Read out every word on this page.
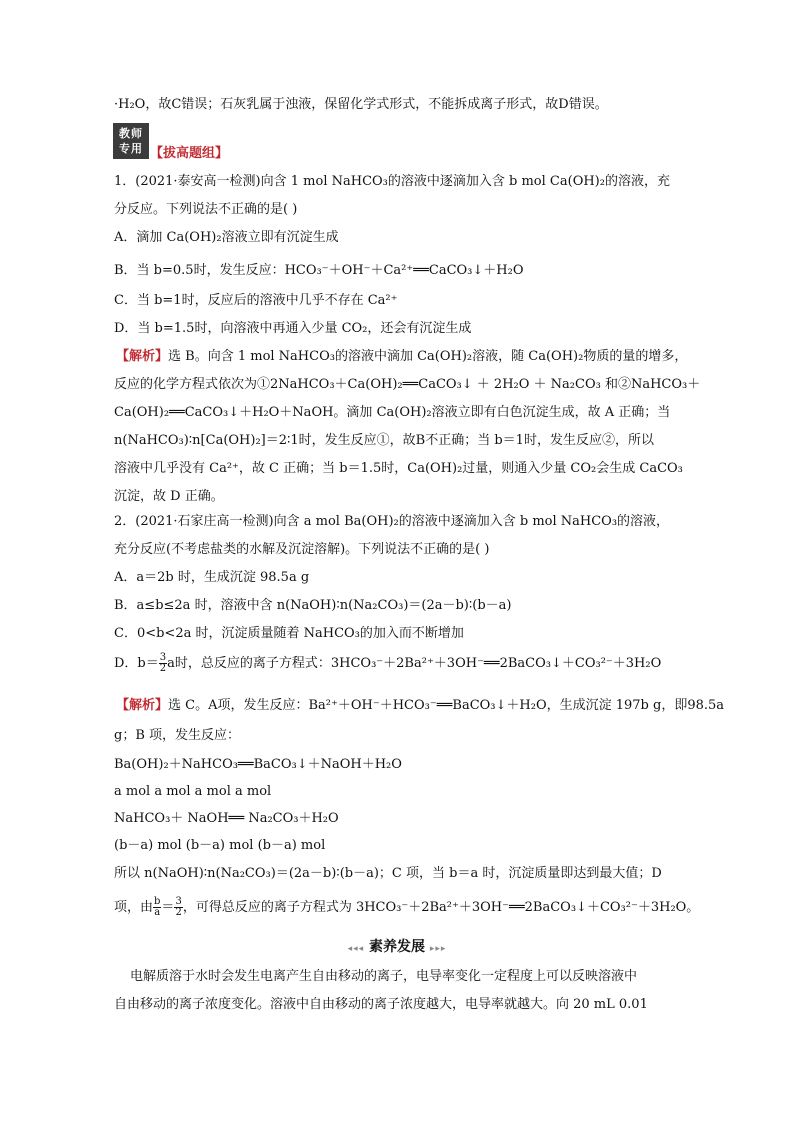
·H₂O，故C错误；石灰乳属于浊液，保留化学式形式，不能拆成离子形式，故D错误。
教师
专用 【拔高题组】
1．(2021·泰安高一检测)向含 1 mol NaHCO₃的溶液中逐滴加入含 b mol Ca(OH)₂的溶液，充
分反应。下列说法不正确的是( )
A．滴加 Ca(OH)₂溶液立即有沉淀生成
B．当 b=0.5时，发生反应：HCO₃⁻＋OH⁻＋Ca²⁺══CaCO₃↓＋H₂O
C．当 b=1时，反应后的溶液中几乎不存在 Ca²⁺
D．当 b=1.5时，向溶液中再通入少量 CO₂，还会有沉淀生成
【解析】选 B。向含 1 mol NaHCO₃的溶液中滴加 Ca(OH)₂溶液，随 Ca(OH)₂物质的量的增多，
反应的化学方程式依次为①2NaHCO₃＋Ca(OH)₂══CaCO₃↓ ＋ 2H₂O ＋ Na₂CO₃ 和②NaHCO₃＋
Ca(OH)₂══CaCO₃↓＋H₂O＋NaOH。滴加 Ca(OH)₂溶液立即有白色沉淀生成，故 A 正确；当
n(NaHCO₃)∶n[Ca(OH)₂]＝2∶1时，发生反应①，故B不正确；当 b＝1时，发生反应②，所以
溶液中几乎没有 Ca²⁺，故 C 正确；当 b＝1.5时，Ca(OH)₂过量，则通入少量 CO₂会生成 CaCO₃
沉淀，故 D 正确。
2．(2021·石家庄高一检测)向含 a mol Ba(OH)₂的溶液中逐滴加入含 b mol NaHCO₃的溶液，
充分反应(不考虑盐类的水解及沉淀溶解)。下列说法不正确的是( )
A．a＝2b 时，生成沉淀 98.5a g
B．a≤b≤2a 时，溶液中含 n(NaOH)∶n(Na₂CO₃)＝(2a－b)∶(b－a)
C．0<b<2a 时，沉淀质量随着 NaHCO₃的加入而不断增加
D．$b= \frac{3}{2}$ a时，总反应的离子方程式：3HCO₃⁻＋2Ba²⁺＋3OH⁻══2BaCO₃↓＋CO₃²⁻＋3H₂O
【解析】选 C。A项，发生反应：Ba²⁺＋OH⁻＋HCO₃⁻══BaCO₃↓＋H₂O，生成沉淀 197b g，即98.5a
g；B 项，发生反应：
Ba(OH)₂＋NaHCO₃══BaCO₃↓＋NaOH＋H₂O
a mol a mol a mol a mol
NaHCO₃＋ NaOH══ Na₂CO₃＋H₂O
(b－a) mol (b－a) mol (b－a) mol
所以 n(NaOH)∶n(Na₂CO₃)＝(2a－b)∶(b－a)；C 项，当 b＝a 时，沉淀质量即达到最大值；D
项，由 $\frac{b}{a} = \frac{3}{2}$ ，可得总反应的离子方程式为 3HCO₃⁻＋2Ba²⁺＋3OH⁻══2BaCO₃↓＋CO₃²⁻＋3H₂O。
◂◂◂ 素养发展 ▸▸▸
电解质溶于水时会发生电离产生自由移动的离子，电导率变化一定程度上可以反映溶液中
自由移动的离子浓度变化。溶液中自由移动的离子浓度越大，电导率就越大。向 20 mL 0.01
